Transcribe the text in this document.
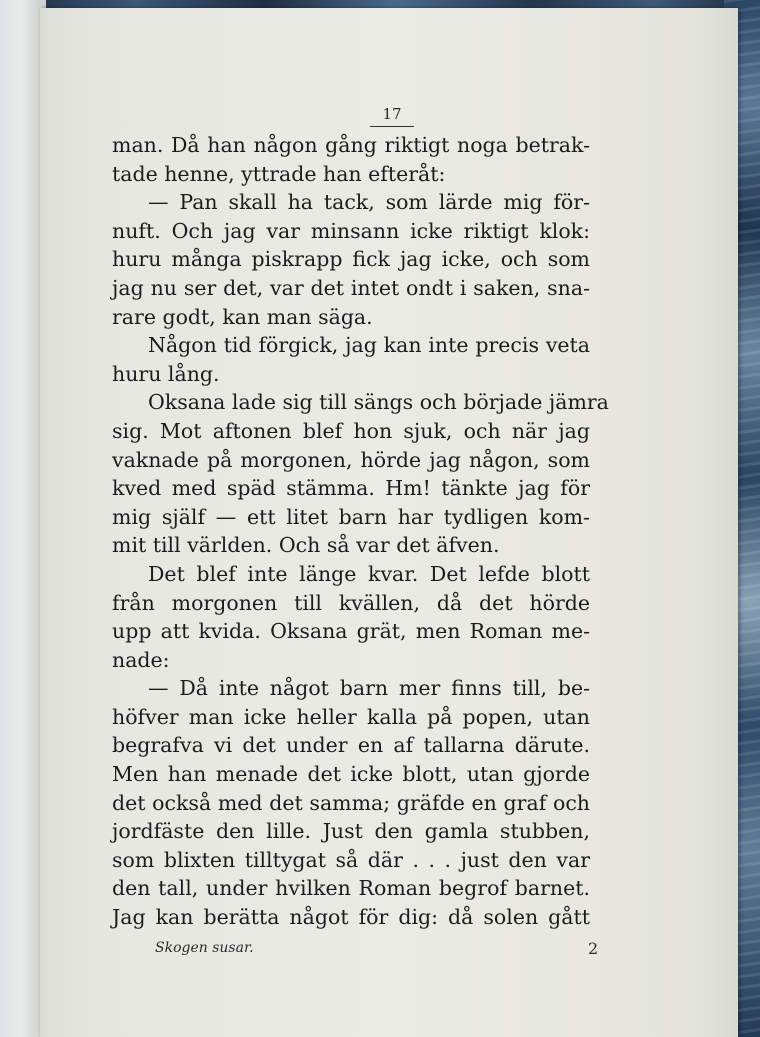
17
Skogen susar.	2
man. Då han någon gång riktigt noga betrak-
tade henne, yttrade han efteråt:
— Pan skall ha tack, som lärde mig för-
nuft. Och jag var minsann icke riktigt klok:
huru många piskrapp fick jag icke, och som
jag nu ser det, var det intet ondt i saken, sna-
rare godt, kan man säga.
Någon tid förgick, jag kan inte precis veta
huru lång.
Oksana lade sig till sängs och började jämra
sig. Mot aftonen blef hon sjuk, och när jag
vaknade på morgonen, hörde jag någon, som
kved med späd stämma. Hm! tänkte jag för
mig själf — ett litet barn har tydligen kom-
mit till världen. Och så var det äfven.
Det blef inte länge kvar. Det lefde blott
från morgonen till kvällen, då det hörde
upp att kvida. Oksana grät, men Roman me-
nade:
— Då inte något barn mer finns till, be-
höfver man icke heller kalla på popen, utan
begrafva vi det under en af tallarna därute.
Men han menade det icke blott, utan gjorde
det också med det samma; gräfde en graf och
jordfäste den lille. Just den gamla stubben,
som blixten tilltygat så där . . . just den var
den tall, under hvilken Roman begrof barnet.
Jag kan berätta något för dig: då solen gått
